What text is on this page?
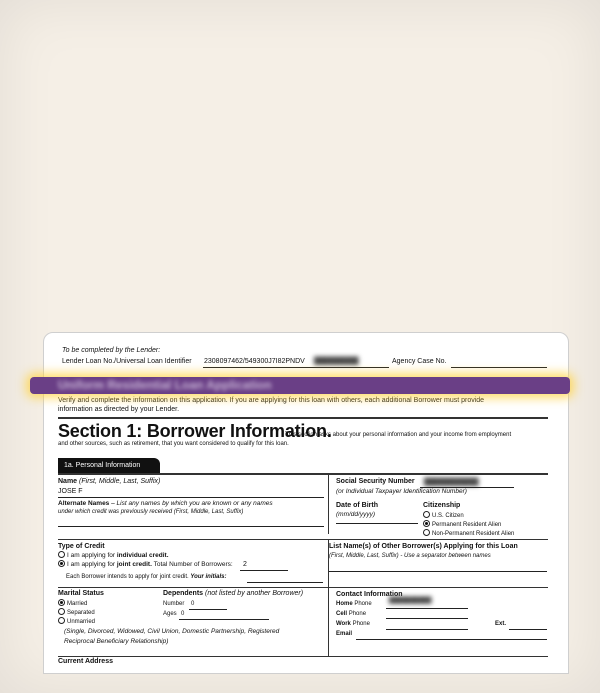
To be completed by the Lender:
Lender Loan No./Universal Loan Identifier 2308097462/549300J7I82PNDV █████████	Agency Case No.
Verify and complete the information on this application. If you are applying for this loan with others, each additional Borrower must provide
information as directed by your Lender.
Section 1: Borrower Information.
This section asks about your personal information and your income from employment
and other sources, such as retirement, that you want considered to qualify for this loan.
1a. Personal Information
Name (First, Middle, Last, Suffix)
JOSE F
Alternate Names – List any names by which you are known or any names
under which credit was previously received (First, Middle, Last, Suffix)
Social Security Number
(or Individual Taxpayer Identification Number)
███████████
Date of Birth
(mm/dd/yyyy)
Citizenship
U.S. Citizen
Permanent Resident Alien
Non-Permanent Resident Alien
Type of Credit
I am applying for individual credit.
I am applying for joint credit. Total Number of Borrowers: 2
Each Borrower intends to apply for joint credit. Your initials:
List Name(s) of Other Borrower(s) Applying for this Loan
(First, Middle, Last, Suffix) - Use a separator between names
Marital Status
Married
Separated
Unmarried
(Single, Divorced, Widowed, Civil Union, Domestic Partnership, Registered
Reciprocal Beneficiary Relationship)
Dependents (not listed by another Borrower)
Number 0
Ages 0
Contact Information
Home Phone	██████████
Cell Phone
Work Phone	Ext.
Email
Current Address
Uniform Residential Loan Application
